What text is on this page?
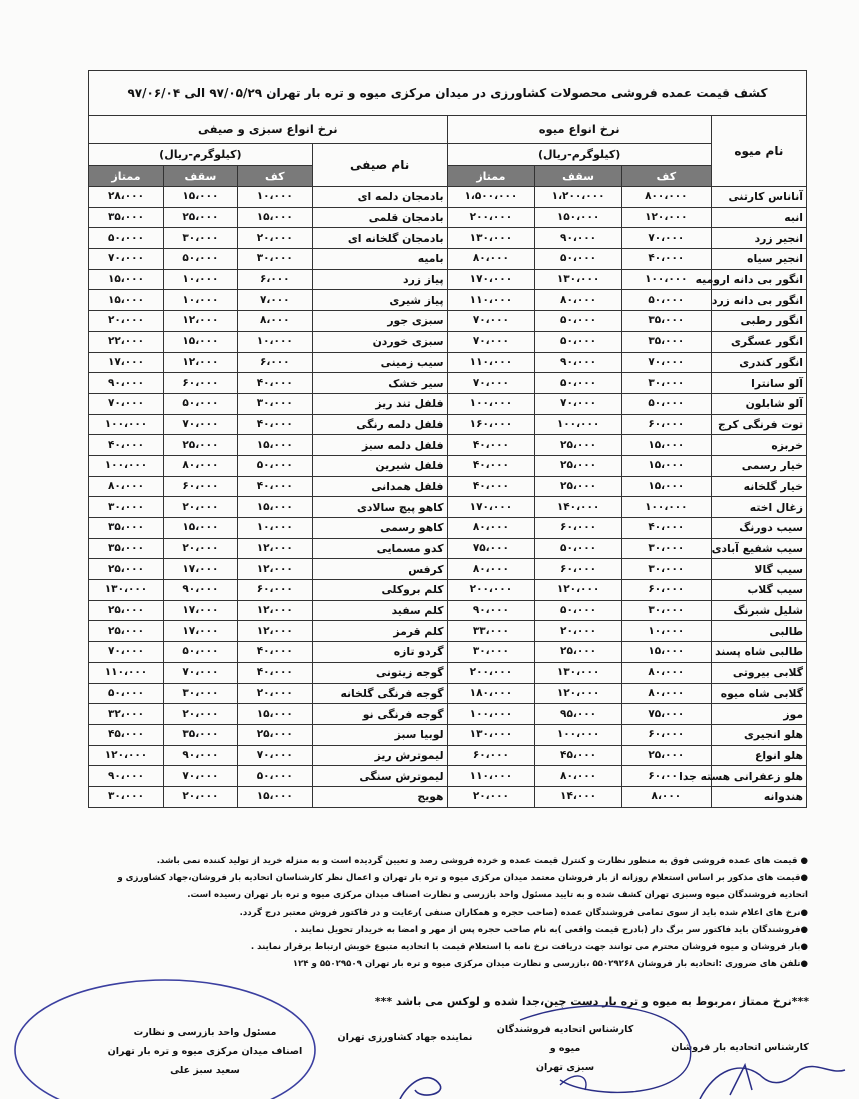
کشف قیمت عمده فروشی محصولات کشاورزی در میدان مرکزی میوه و تره بار تهران ۹۷/۰۵/۲۹ الی ۹۷/۰۶/۰۴							
نام میوه	نرخ انواع میوه			نرخ انواع سبزی و صیفی			
	(کیلوگرم-ریال)			نام صیفی	(کیلوگرم-ریال)		
	کف	سقف	ممتاز		کف	سقف	ممتاز
آناناس کارتنی	۸۰۰،۰۰۰	۱،۲۰۰،۰۰۰	۱،۵۰۰،۰۰۰	بادمجان دلمه ای	۱۰،۰۰۰	۱۵،۰۰۰	۲۸،۰۰۰
انبه	۱۲۰،۰۰۰	۱۵۰،۰۰۰	۲۰۰،۰۰۰	بادمجان قلمی	۱۵،۰۰۰	۲۵،۰۰۰	۳۵،۰۰۰
انجیر زرد	۷۰،۰۰۰	۹۰،۰۰۰	۱۳۰،۰۰۰	بادمجان گلخانه ای	۲۰،۰۰۰	۳۰،۰۰۰	۵۰،۰۰۰
انجیر سیاه	۴۰،۰۰۰	۵۰،۰۰۰	۸۰،۰۰۰	بامیه	۳۰،۰۰۰	۵۰،۰۰۰	۷۰،۰۰۰
انگور بی دانه ارومیه	۱۰۰،۰۰۰	۱۳۰،۰۰۰	۱۷۰،۰۰۰	پیاز زرد	۶،۰۰۰	۱۰،۰۰۰	۱۵،۰۰۰
انگور بی دانه زرد	۵۰،۰۰۰	۸۰،۰۰۰	۱۱۰،۰۰۰	پیاز شیری	۷،۰۰۰	۱۰،۰۰۰	۱۵،۰۰۰
انگور رطبی	۳۵،۰۰۰	۵۰،۰۰۰	۷۰،۰۰۰	سبزی جور	۸،۰۰۰	۱۲،۰۰۰	۲۰،۰۰۰
انگور عسگری	۳۵،۰۰۰	۵۰،۰۰۰	۷۰،۰۰۰	سبزی خوردن	۱۰،۰۰۰	۱۵،۰۰۰	۲۲،۰۰۰
انگور کندری	۷۰،۰۰۰	۹۰،۰۰۰	۱۱۰،۰۰۰	سیب زمینی	۶،۰۰۰	۱۲،۰۰۰	۱۷،۰۰۰
آلو سانترا	۳۰،۰۰۰	۵۰،۰۰۰	۷۰،۰۰۰	سیر خشک	۴۰،۰۰۰	۶۰،۰۰۰	۹۰،۰۰۰
آلو شابلون	۵۰،۰۰۰	۷۰،۰۰۰	۱۰۰،۰۰۰	فلفل تند ریز	۳۰،۰۰۰	۵۰،۰۰۰	۷۰،۰۰۰
توت فرنگی کرج	۶۰،۰۰۰	۱۰۰،۰۰۰	۱۶۰،۰۰۰	فلفل دلمه رنگی	۴۰،۰۰۰	۷۰،۰۰۰	۱۰۰،۰۰۰
خربزه	۱۵،۰۰۰	۲۵،۰۰۰	۴۰،۰۰۰	فلفل دلمه سبز	۱۵،۰۰۰	۲۵،۰۰۰	۴۰،۰۰۰
خیار رسمی	۱۵،۰۰۰	۲۵،۰۰۰	۴۰،۰۰۰	فلفل شیرین	۵۰،۰۰۰	۸۰،۰۰۰	۱۰۰،۰۰۰
خیار گلخانه	۱۵،۰۰۰	۲۵،۰۰۰	۴۰،۰۰۰	فلفل همدانی	۴۰،۰۰۰	۶۰،۰۰۰	۸۰،۰۰۰
زغال اخته	۱۰۰،۰۰۰	۱۴۰،۰۰۰	۱۷۰،۰۰۰	کاهو پیچ سالادی	۱۵،۰۰۰	۲۰،۰۰۰	۳۰،۰۰۰
سیب دورنگ	۴۰،۰۰۰	۶۰،۰۰۰	۸۰،۰۰۰	کاهو رسمی	۱۰،۰۰۰	۱۵،۰۰۰	۳۵،۰۰۰
سیب شفیع آبادی	۳۰،۰۰۰	۵۰،۰۰۰	۷۵،۰۰۰	کدو مسمایی	۱۲،۰۰۰	۲۰،۰۰۰	۳۵،۰۰۰
سیب گالا	۳۰،۰۰۰	۶۰،۰۰۰	۸۰،۰۰۰	کرفس	۱۲،۰۰۰	۱۷،۰۰۰	۲۵،۰۰۰
سیب گلاب	۶۰،۰۰۰	۱۲۰،۰۰۰	۲۰۰،۰۰۰	کلم بروکلی	۶۰،۰۰۰	۹۰،۰۰۰	۱۳۰،۰۰۰
شلیل شبرنگ	۳۰،۰۰۰	۵۰،۰۰۰	۹۰،۰۰۰	کلم سفید	۱۲،۰۰۰	۱۷،۰۰۰	۲۵،۰۰۰
طالبی	۱۰،۰۰۰	۲۰،۰۰۰	۳۳،۰۰۰	کلم قرمز	۱۲،۰۰۰	۱۷،۰۰۰	۲۵،۰۰۰
طالبی شاه پسند	۱۵،۰۰۰	۲۵،۰۰۰	۳۰،۰۰۰	گردو تازه	۴۰،۰۰۰	۵۰،۰۰۰	۷۰،۰۰۰
گلابی بیروتی	۸۰،۰۰۰	۱۳۰،۰۰۰	۲۰۰،۰۰۰	گوجه زیتونی	۴۰،۰۰۰	۷۰،۰۰۰	۱۱۰،۰۰۰
گلابی شاه میوه	۸۰،۰۰۰	۱۲۰،۰۰۰	۱۸۰،۰۰۰	گوجه فرنگی گلخانه	۲۰،۰۰۰	۳۰،۰۰۰	۵۰،۰۰۰
موز	۷۵،۰۰۰	۹۵،۰۰۰	۱۰۰،۰۰۰	گوجه فرنگی نو	۱۵،۰۰۰	۲۰،۰۰۰	۳۲،۰۰۰
هلو انجیری	۶۰،۰۰۰	۱۰۰،۰۰۰	۱۳۰،۰۰۰	لوبیا سبز	۲۵،۰۰۰	۳۵،۰۰۰	۴۵،۰۰۰
هلو انواع	۲۵،۰۰۰	۴۵،۰۰۰	۶۰،۰۰۰	لیموترش ریز	۷۰،۰۰۰	۹۰،۰۰۰	۱۲۰،۰۰۰
هلو زعفرانی هسته جدا	۶۰،۰۰۰	۸۰،۰۰۰	۱۱۰،۰۰۰	لیموترش سنگی	۵۰،۰۰۰	۷۰،۰۰۰	۹۰،۰۰۰
هندوانه	۸،۰۰۰	۱۴،۰۰۰	۲۰،۰۰۰	هویج	۱۵،۰۰۰	۲۰،۰۰۰	۳۰،۰۰۰
● قیمت های عمده فروشی فوق به منظور نظارت و کنترل قیمت عمده و خرده فروشی رصد و تعیین گردیده است و به منزله خرید از تولید کننده نمی باشد.
●قیمت های مذکور بر اساس استعلام روزانه از بار فروشان معتمد میدان مرکزی میوه و تره بار تهران و اعمال نظر کارشناسان اتحادیه بار فروشان،جهاد کشاورزی و
اتحادیه فروشندگان میوه وسبزی تهران کشف شده و به تایید مسئول واحد بازرسی و نظارت اصناف میدان مرکزی میوه و تره بار تهران رسیده است.
●نرخ های اعلام شده باید از سوی تمامی فروشندگان عمده (صاحب حجره و همکاران صنفی )رعایت و در فاکتور فروش معتبر درج گردد.
●فروشندگان باید فاکتور سر برگ دار (بادرج قیمت واقعی )به نام صاحب حجره پس از مهر و امضا به خریدار تحویل نمایند .
●بار فروشان و میوه فروشان محترم می توانند جهت دریافت نرخ نامه با استعلام قیمت با اتحادیه متبوع خویش ارتباط برقرار نمایند .
●تلفن های ضروری :اتحادیه بار فروشان ۵۵۰۲۹۲۶۸ ،بازرسی و نظارت میدان مرکزی میوه و تره بار تهران ۵۵۰۲۹۵۰۹ و ۱۲۴
***نرخ ممتاز ،مربوط به میوه و تره بار دست چین،جدا شده و لوکس می باشد ***
مسئول واحد بازرسی و نظارت
اصناف میدان مرکزی میوه و تره بار تهران
سعید سبز علی
نماینده جهاد کشاورزی تهران
کارشناس اتحادیه فروشندگان میوه و
سبزی تهران
کارشناس اتحادیه بار فروشان
